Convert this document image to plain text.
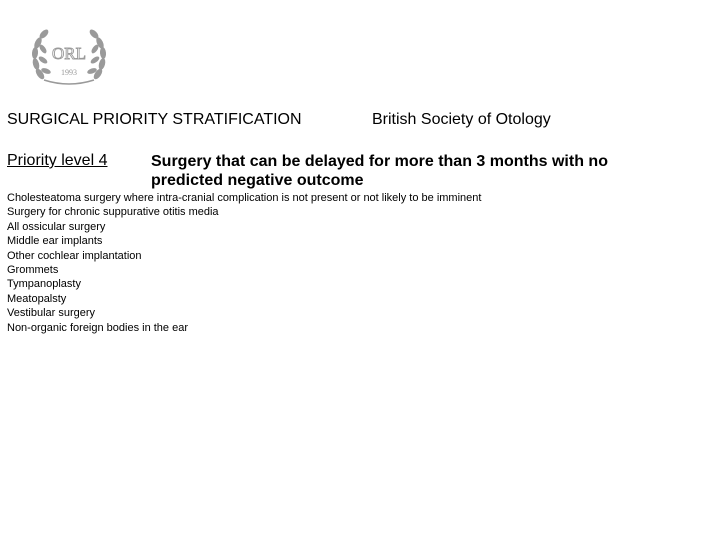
ORL
1993
SURGICAL PRIORITY STRATIFICATION	British Society of Otology
Priority level 4	Surgery that can be delayed for more than 3 months with no predicted negative outcome
Cholesteatoma surgery where intra-cranial complication is not present or not likely to be imminent
Surgery for chronic suppurative otitis media
All ossicular surgery
Middle ear implants
Other cochlear implantation
Grommets
Tympanoplasty
Meatopalsty
Vestibular surgery
Non-organic foreign bodies in the ear
